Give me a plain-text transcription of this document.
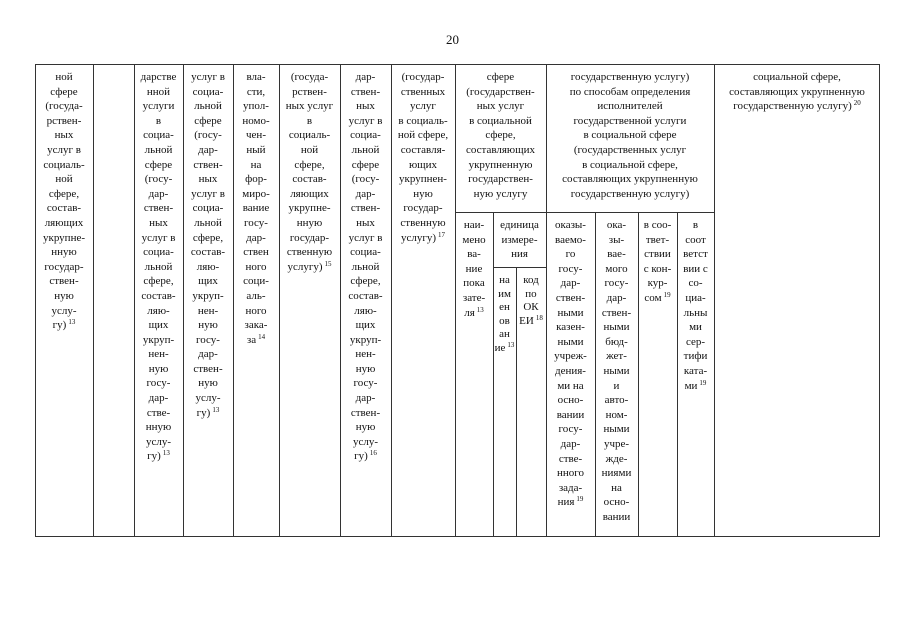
20
ной
сфере
(госуда-
рствен-
ных
услуг в
социаль-
ной
сфере,
состав-
ляющих
укрупне-
нную
государ-
ствен-
ную
услу-
гу) $^{13}$
дарстве
нной
услуги
в
социа-
льной
сфере
(госу-
дар-
ствен-
ных
услуг в
социа-
льной
сфере,
состав-
ляю-
щих
укруп-
нен-
ную
госу-
дар-
стве-
нную
услу-
гу) $^{13}$
услуг в
социа-
льной
сфере
(госу-
дар-
ствен-
ных
услуг в
социа-
льной
сфере,
состав-
ляю-
щих
укруп-
нен-
ную
госу-
дар-
ствен-
ную
услу-
гу) $^{13}$
вла-
сти,
упол-
номо-
чен-
ный
на
фор-
миро-
вание
госу-
дар-
ствен
ного
соци-
аль-
ного
зака-
за $^{14}$
(госуда-
рствен-
ных услуг
в
социаль-
ной
сфере,
состав-
ляющих
укрупне-
нную
государ-
ственную
услугу) $^{15}$
дар-
ствен-
ных
услуг в
социа-
льной
сфере
(госу-
дар-
ствен-
ных
услуг в
социа-
льной
сфере,
состав-
ляю-
щих
укруп-
нен-
ную
госу-
дар-
ствен-
ную
услу-
гу) $^{16}$
(государ-
ственных
услуг
в социаль-
ной сфере,
составля-
ющих
укрупнен-
ную
государ-
ственную
услугу) $^{17}$
сфере
(государствен-
ных услуг
в социальной
сфере,
составляющих
укрупненную
государствен-
ную услугу
государственную услугу)
по способам определения
исполнителей
государственной услуги
в социальной сфере
(государственных услуг
в социальной сфере,
составляющих укрупненную
государственную услугу)
социальной сфере,
составляющих укрупненную
государственную услугу) $^{20}$
наи-
мено
ва-
ние
пока
зате-
ля $^{13}$
единица
измере-
ния
на
им
ен
ов
ан
ие $^{13}$
код
по
ОК
ЕИ $^{18}$
оказы-
ваемо-
го
госу-
дар-
ствен-
ными
казен-
ными
учреж-
дения-
ми на
осно-
вании
госу-
дар-
стве-
нного
зада-
ния $^{19}$
ока-
зы-
вае-
мого
госу-
дар-
ствен-
ными
бюд-
жет-
ными
и
авто-
ном-
ными
учре-
жде-
ниями
на
осно-
вании
в соо-
твет-
ствии
с кон-
кур-
сом $^{19}$
в
соот
ветст
вии с
со-
циа-
льны
ми
сер-
тифи
ката-
ми $^{19}$
